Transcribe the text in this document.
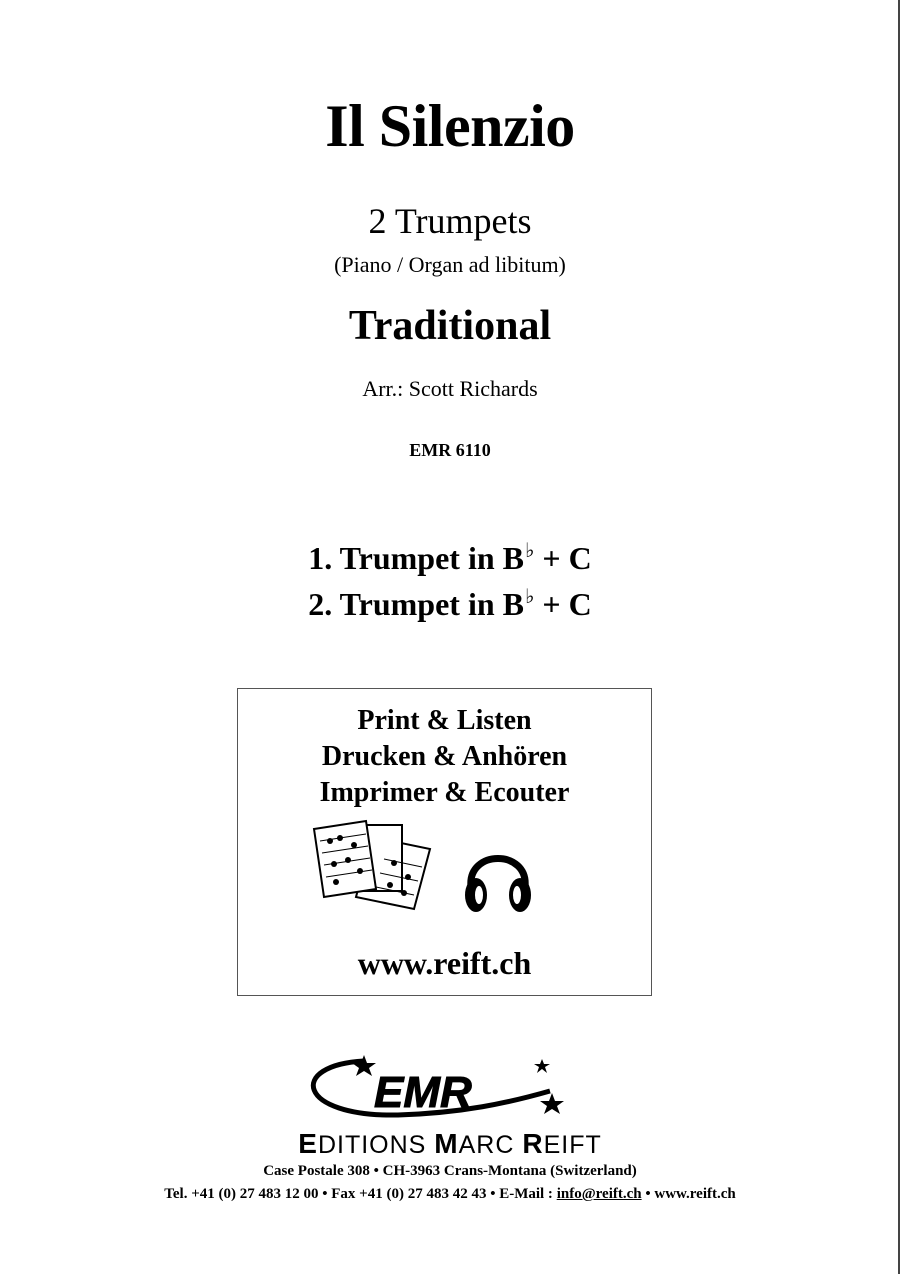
Il Silenzio
2 Trumpets
(Piano / Organ ad libitum)
Traditional
Arr.: Scott Richards
EMR 6110
1. Trumpet in B♭ + C
2. Trumpet in B♭ + C
Print & Listen
Drucken & Anhören
Imprimer & Ecouter
www.reift.ch
EMR
EDITIONS MARC REIFT
Case Postale 308 • CH-3963 Crans-Montana (Switzerland)
Tel. +41 (0) 27 483 12 00 • Fax +41 (0) 27 483 42 43 • E-Mail : info@reift.ch • www.reift.ch
